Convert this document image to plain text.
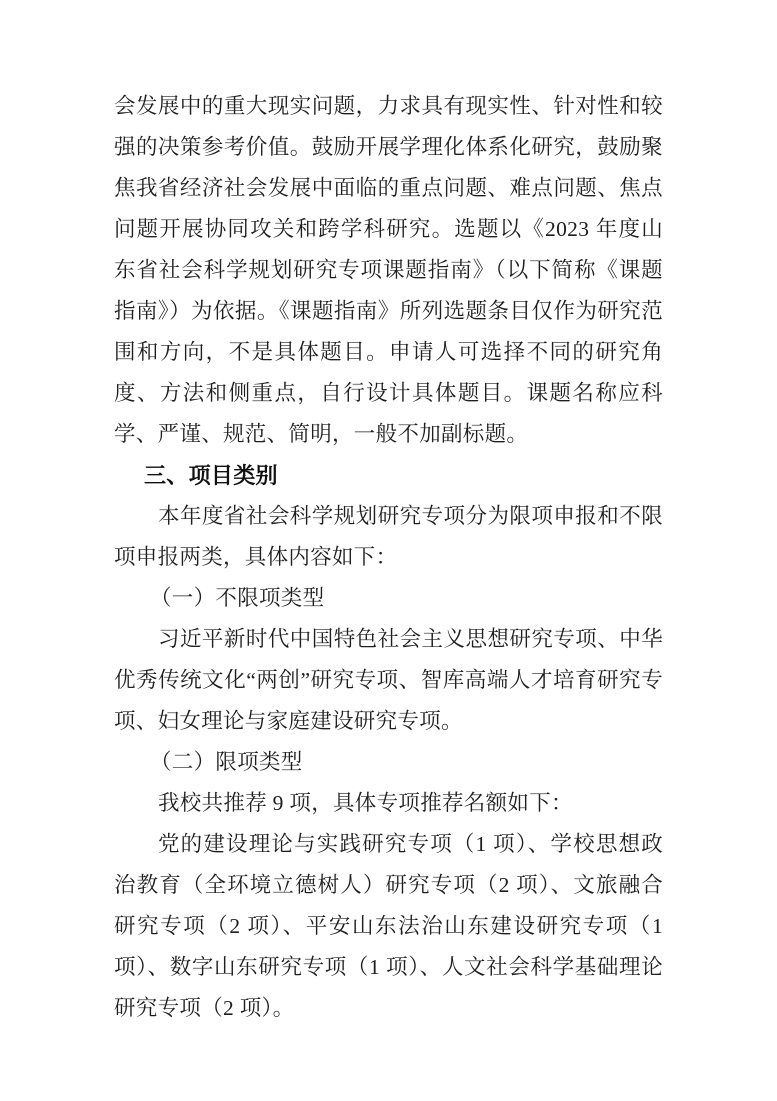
会发展中的重大现实问题，力求具有现实性、针对性和较强的决策参考价值。鼓励开展学理化体系化研究，鼓励聚焦我省经济社会发展中面临的重点问题、难点问题、焦点问题开展协同攻关和跨学科研究。选题以《2023 年度山东省社会科学规划研究专项课题指南》（以下简称《课题指南》）为依据。《课题指南》所列选题条目仅作为研究范围和方向，不是具体题目。申请人可选择不同的研究角度、方法和侧重点，自行设计具体题目。课题名称应科学、严谨、规范、简明，一般不加副标题。

三、项目类别

本年度省社会科学规划研究专项分为限项申报和不限项申报两类，具体内容如下：

（一）不限项类型

习近平新时代中国特色社会主义思想研究专项、中华优秀传统文化“两创”研究专项、智库高端人才培育研究专项、妇女理论与家庭建设研究专项。

（二）限项类型

我校共推荐 9 项，具体专项推荐名额如下：

党的建设理论与实践研究专项（1 项）、学校思想政治教育（全环境立德树人）研究专项（2 项）、文旅融合研究专项（2 项）、平安山东法治山东建设研究专项（1 项）、数字山东研究专项（1 项）、人文社会科学基础理论研究专项（2 项）。
